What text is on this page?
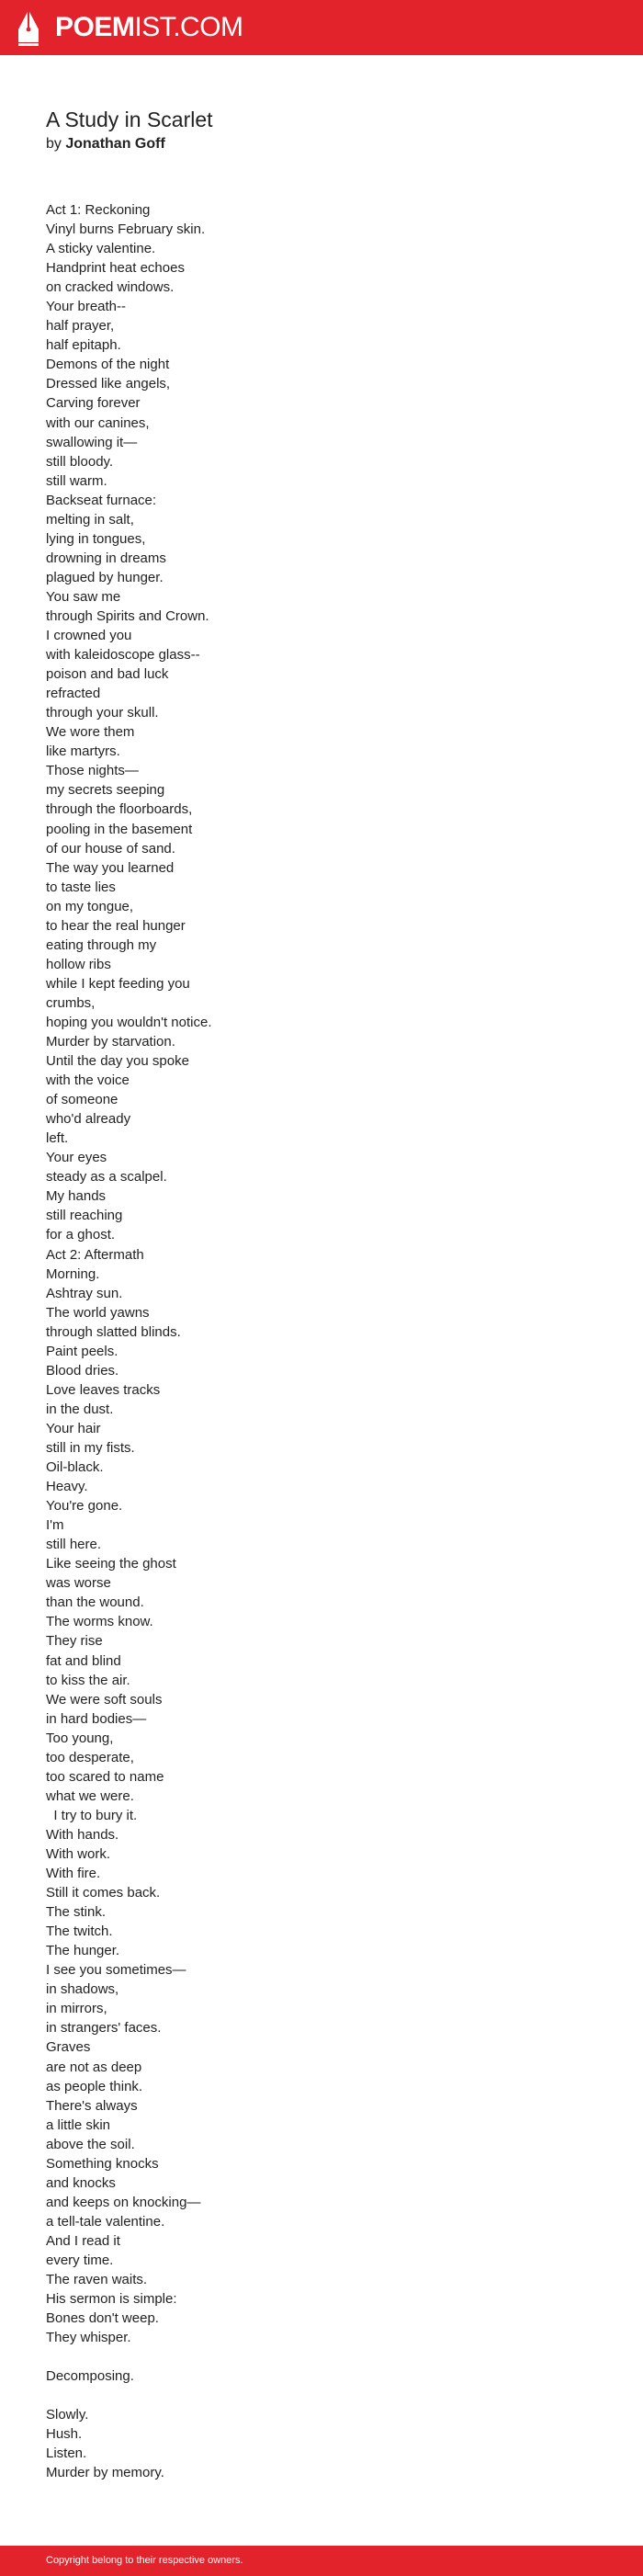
POEMIST.COM
A Study in Scarlet
by Jonathan Goff
Act 1: Reckoning
Vinyl burns February skin.
A sticky valentine.
Handprint heat echoes
on cracked windows.
Your breath--
half prayer,
half epitaph.
Demons of the night
Dressed like angels,
Carving forever
with our canines,
swallowing it—
still bloody.
still warm.
Backseat furnace:
melting in salt,
lying in tongues,
drowning in dreams
plagued by hunger.
You saw me
through Spirits and Crown.
I crowned you
with kaleidoscope glass--
poison and bad luck
refracted
through your skull.
We wore them
like martyrs.
Those nights—
my secrets seeping
through the floorboards,
pooling in the basement
of our house of sand.
The way you learned
to taste lies
on my tongue,
to hear the real hunger
eating through my
hollow ribs
while I kept feeding you
crumbs,
hoping you wouldn't notice.
Murder by starvation.
Until the day you spoke
with the voice
of someone
who'd already
left.
Your eyes
steady as a scalpel.
My hands
still reaching
for a ghost.
Act 2: Aftermath
Morning.
Ashtray sun.
The world yawns
through slatted blinds.
Paint peels.
Blood dries.
Love leaves tracks
in the dust.
Your hair
still in my fists.
Oil-black.
Heavy.
You're gone.
I'm
still here.
Like seeing the ghost
was worse
than the wound.
The worms know.
They rise
fat and blind
to kiss the air.
We were soft souls
in hard bodies—
Too young,
too desperate,
too scared to name
what we were.
I try to bury it.
With hands.
With work.
With fire.
Still it comes back.
The stink.
The twitch.
The hunger.
I see you sometimes—
in shadows,
in mirrors,
in strangers' faces.
Graves
are not as deep
as people think.
There's always
a little skin
above the soil.
Something knocks
and knocks
and keeps on knocking—
a tell-tale valentine.
And I read it
every time.
The raven waits.
His sermon is simple:
Bones don't weep.
They whisper.
Decomposing.
Slowly.
Hush.
Listen.
Murder by memory.
Copyright belong to their respective owners.
